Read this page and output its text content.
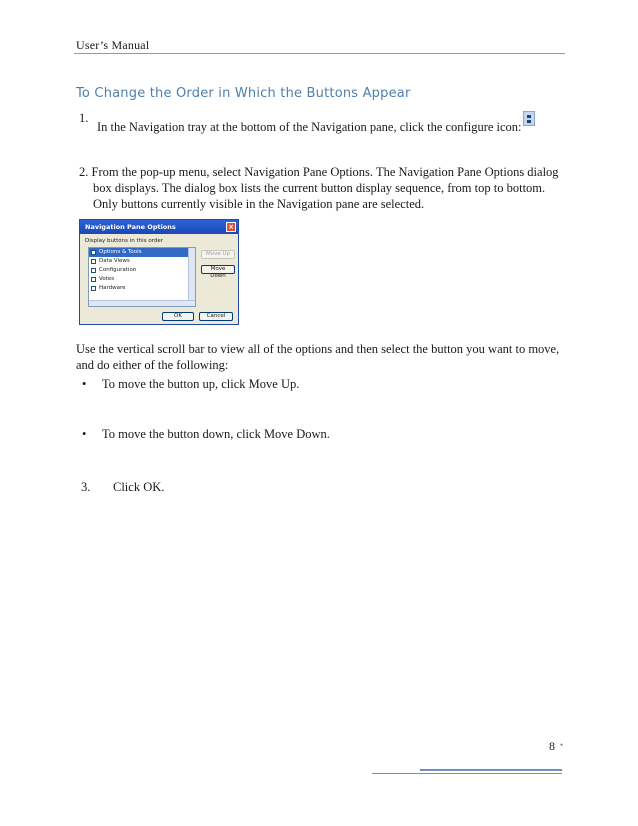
User’s Manual
To Change the Order in Which the Buttons Appear
1.
In the Navigation tray at the bottom of the Navigation pane, click the configure icon:
2. From the pop-up menu, select Navigation Pane Options. The Navigation Pane Options dialog
box displays. The dialog box lists the current button display sequence, from top to bottom.
Only buttons currently visible in the Navigation pane are selected.
Navigation Pane Options	×
Display buttons in this order
Options & Tools
Data Views
Configuration
Votes
Hardware
Move Up
Move Down
OK	Cancel
Use the vertical scroll bar to view all of the options and then select the button you want to move, and do either of the following:
• To move the button up, click Move Up.
• To move the button down, click Move Down.
3. Click OK.
8 •
